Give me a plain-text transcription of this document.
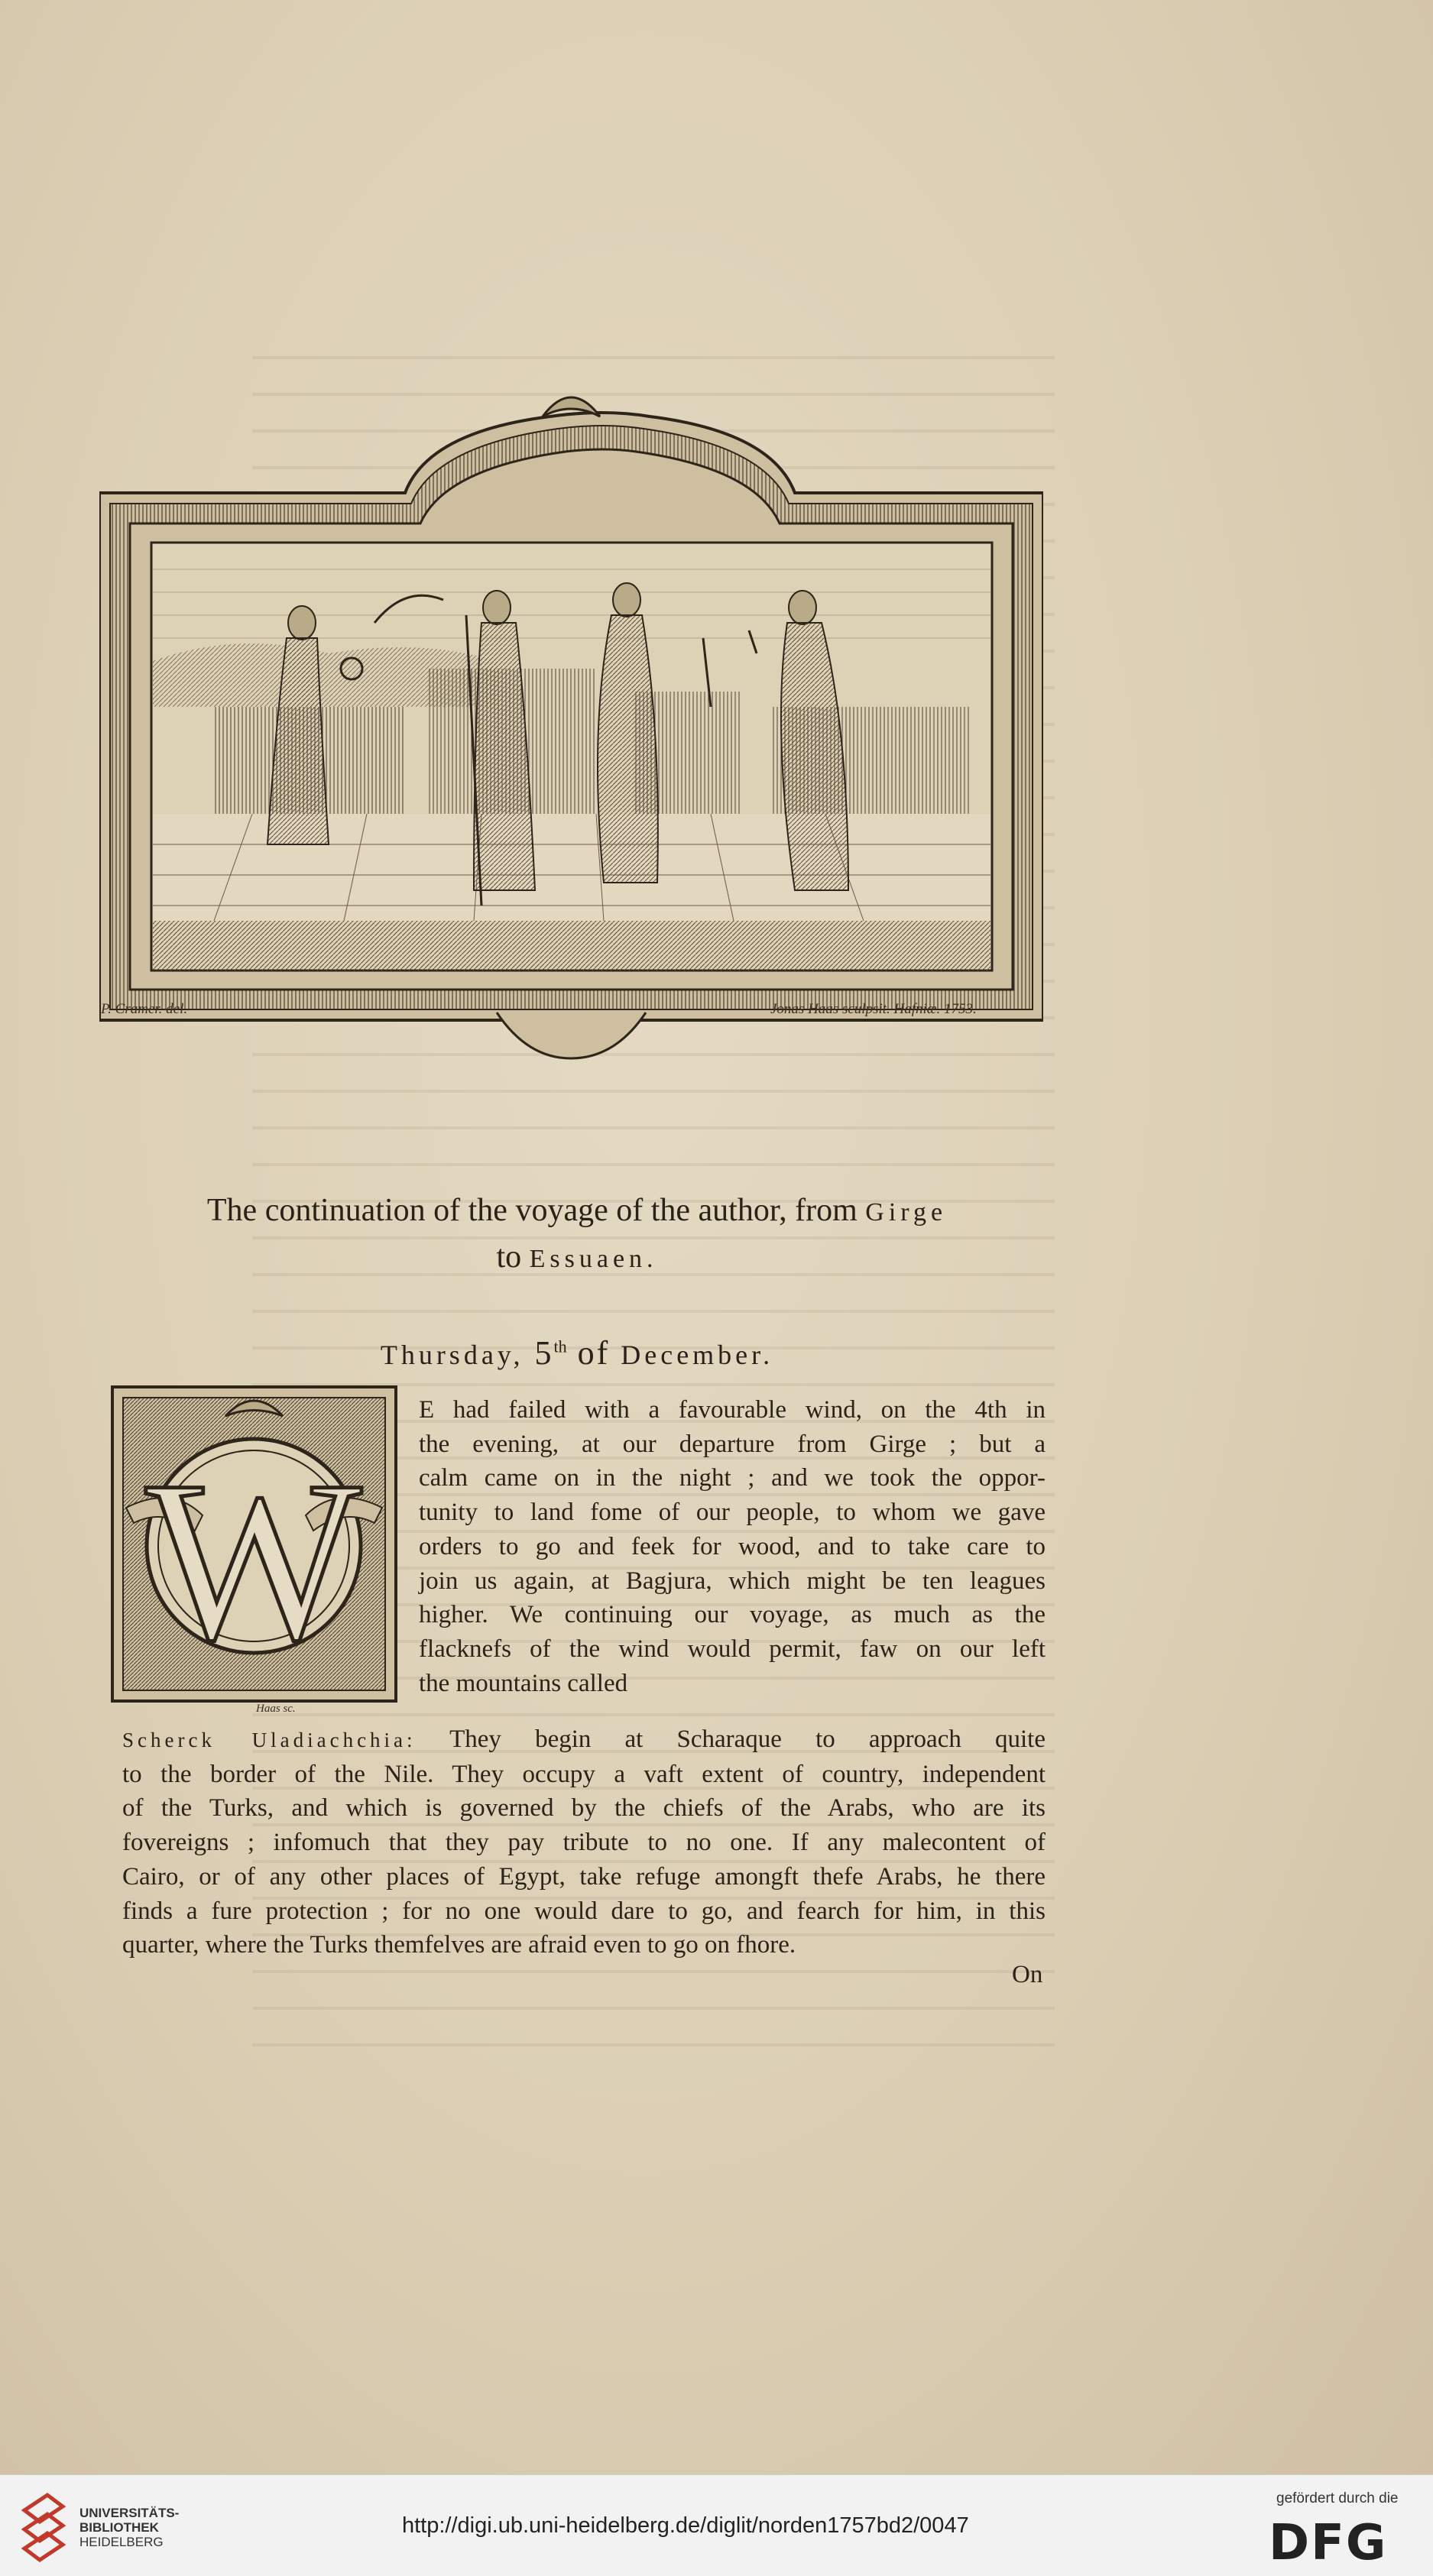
P. Cramer. del.	Jonas Haas sculpsit. Hafniæ. 1753.
The continuation of the voyage of the author, from Girge
to Essuaen.
Thursday, 5th of December.
W
Haas sc.
E had failed with a favourable wind, on the 4th in
the evening, at our departure from Girge ; but a
calm came on in the night ; and we took the oppor-
tunity to land fome of our people, to whom we gave
orders to go and feek for wood, and to take care to
join us again, at Bagjura, which might be ten leagues
higher. We continuing our voyage, as much as the
flacknefs of the wind would permit, faw on our left
the mountains called
Scherck Uladiachchia: They begin at Scharaque to approach quite
to the border of the Nile. They occupy a vaft extent of country, independent
of the Turks, and which is governed by the chiefs of the Arabs, who are its
fovereigns ; infomuch that they pay tribute to no one. If any malecontent of
Cairo, or of any other places of Egypt, take refuge amongft thefe Arabs, he there
finds a fure protection ; for no one would dare to go, and fearch for him, in this
quarter, where the Turks themfelves are afraid even to go on fhore.
On
UNIVERSITÄTS-
BIBLIOTHEK
HEIDELBERG
http://digi.ub.uni-heidelberg.de/diglit/norden1757bd2/0047
gefördert durch die
DFG
